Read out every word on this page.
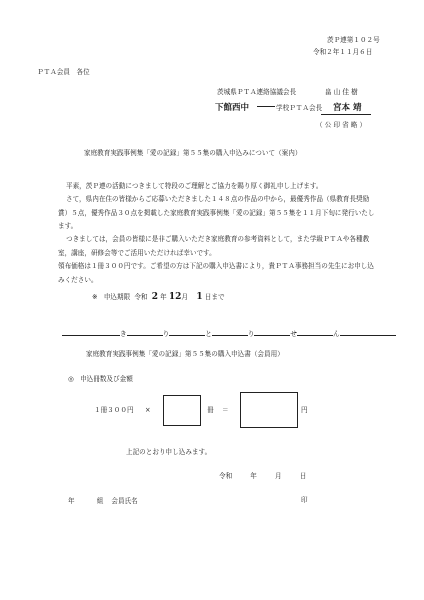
茨Ｐ連第１０２号
令和２年１１月６日
ＰＴＡ会員　各位
茨城県ＰＴＡ連絡協議会長	畠 山 佳 樹
下館西中	学校ＰＴＡ会長 宮本 靖
（ 公 印 省 略 ）
家庭教育実践事例集「愛の記録」第５５集の購入申込みについて（案内）
平素，茨Ｐ連の活動につきまして特段のご理解とご協力を賜り厚く御礼申し上げます。
さて，県内在住の皆様からご応募いただきました１４８点の作品の中から，最優秀作品（県教育長奨励賞）５点，優秀作品３０点を掲載した家庭教育実践事例集「愛の記録」第５５集を１１月下旬に発行いたします。
つきましては，会員の皆様に是非ご購入いただき家庭教育の参考資料として，また学級ＰＴＡや各種教室，講座，研修会等でご活用いただければ幸いです。
領布価格は１冊３００円です。ご希望の方は下記の購入申込書により，貴ＰＴＡ事務担当の先生にお申し込みください。
※ 申込期限 令和 2 年 12月 1 日まで
き	り	と	り	せ	ん
家庭教育実践事例集「愛の記録」第５５集の購入申込書（会員用）
◎ 申込冊数及び金額
１冊３００円 ×	冊 ＝	円
上記のとおり申し込みます。
令和	年	月	日
年	組 会員氏名	印
